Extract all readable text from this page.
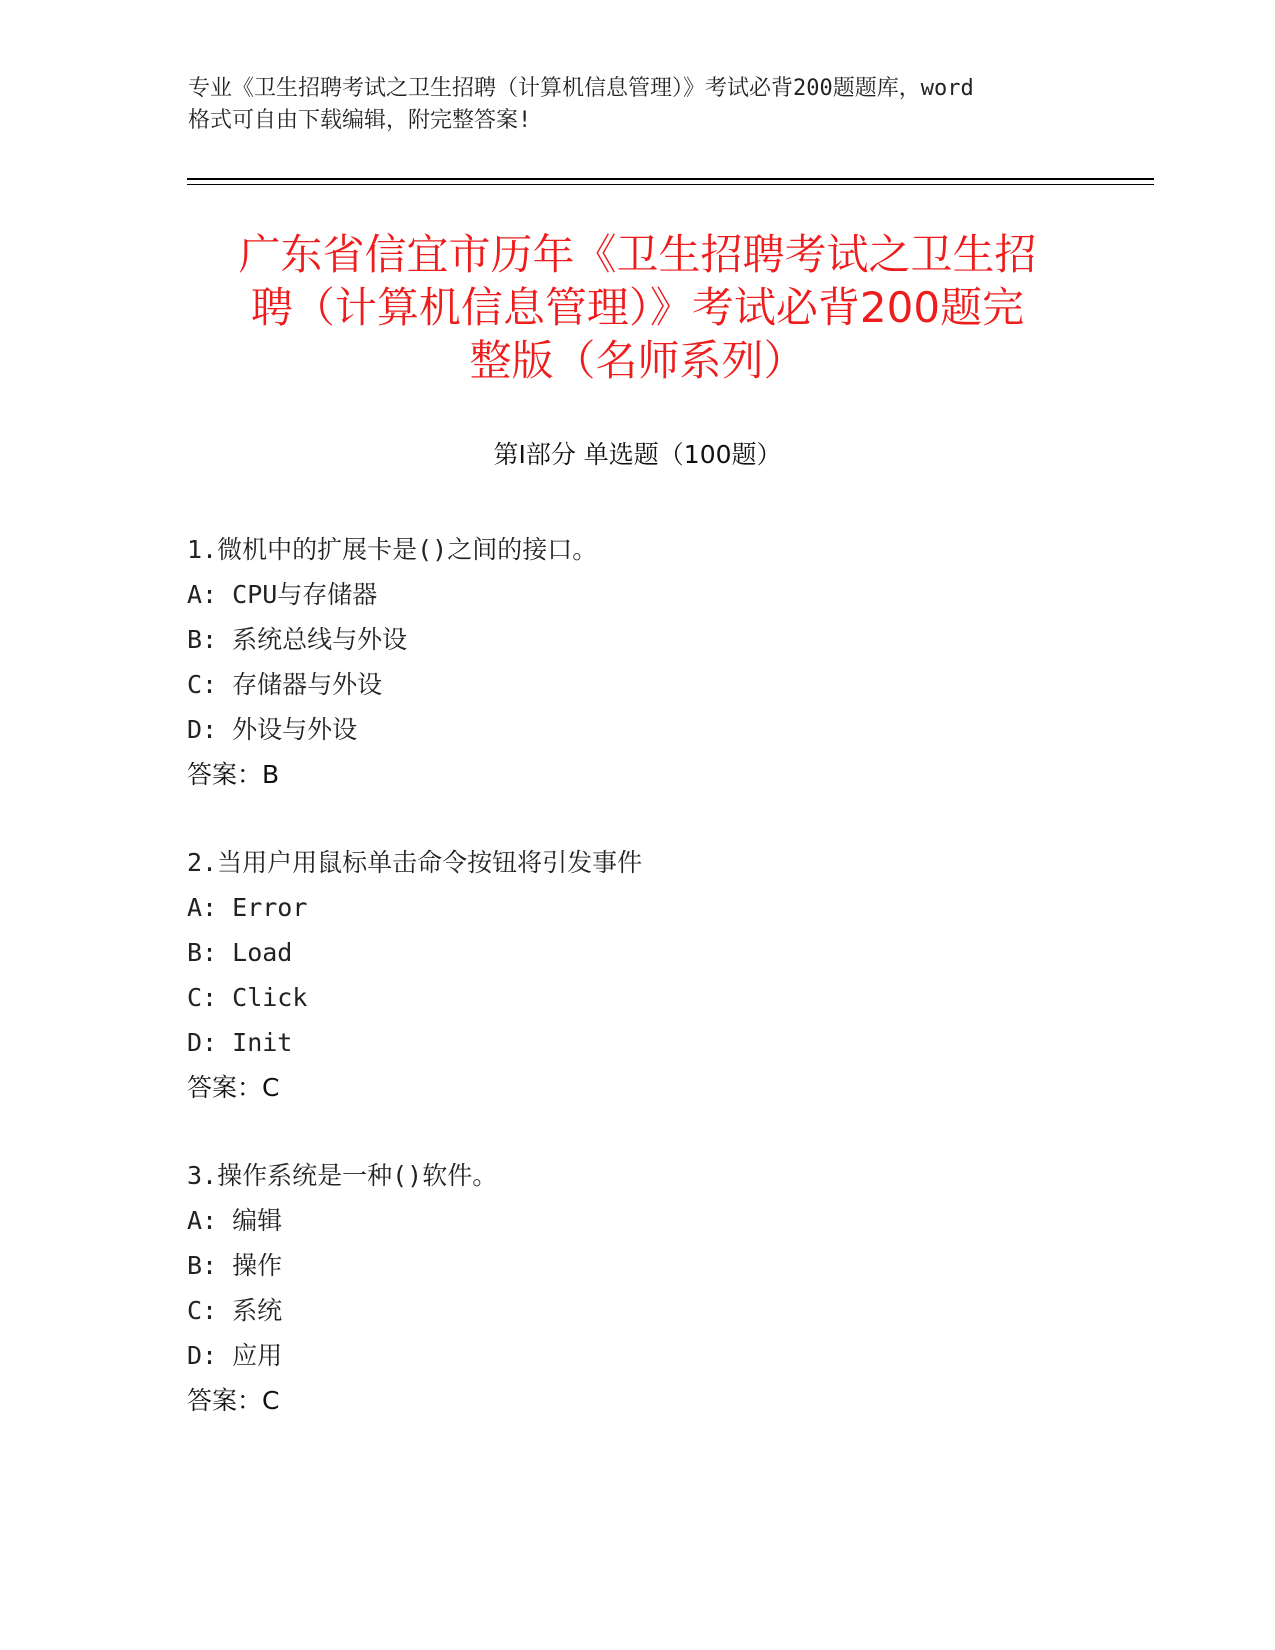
专业《卫生招聘考试之卫生招聘（计算机信息管理）》考试必背200题题库，word

格式可自由下载编辑，附完整答案!

广东省信宜市历年《卫生招聘考试之卫生招
聘（计算机信息管理）》考试必背200题完
整版（名师系列）
第Ⅰ部分 单选题（100题）
1.微机中的扩展卡是()之间的接口。
A: CPU与存储器
B: 系统总线与外设
C: 存储器与外设
D: 外设与外设
答案：B
2.当用户用鼠标单击命令按钮将引发事件
A: Error
B: Load
C: Click
D: Init
答案：C
3.操作系统是一种()软件。
A: 编辑
B: 操作
C: 系统
D: 应用
答案：C
